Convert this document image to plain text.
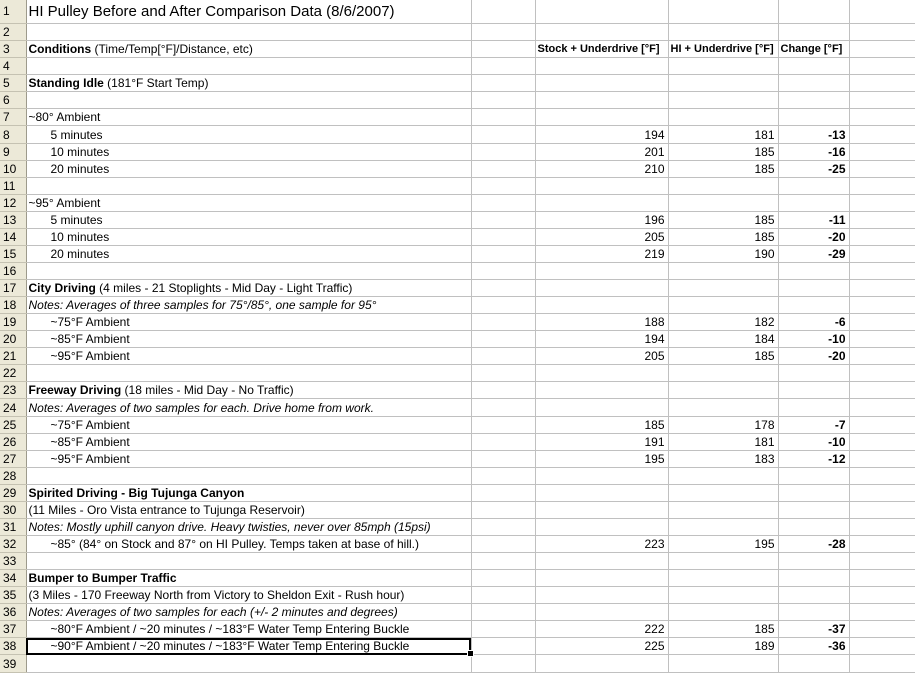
1	HI Pulley Before and After Comparison Data (8/6/2007)					

2	

3	Conditions (Time/Temp[°F]/Distance, etc)		Stock + Underdrive [°F]	HI + Underdrive [°F]	Change [°F]	
4	

5	Standing Idle (181°F Start Temp)					

6	

7	~80° Ambient					

8	5 minutes		194	181	-13	
9	10 minutes		201	185	-16	
10	20 minutes		210	185	-25	
11	

12	~95° Ambient					

13	5 minutes		196	185	-11	
14	10 minutes		205	185	-20	
15	20 minutes		219	190	-29	
16	

17	City Driving (4 miles - 21 Stoplights - Mid Day - Light Traffic)					

18	Notes: Averages of three samples for 75°/85°, one sample for 95°					

19	~75°F Ambient		188	182	-6	
20	~85°F Ambient		194	184	-10	
21	~95°F Ambient		205	185	-20	
22	

23	Freeway Driving (18 miles - Mid Day - No Traffic)					

24	Notes: Averages of two samples for each. Drive home from work.					

25	~75°F Ambient		185	178	-7	
26	~85°F Ambient		191	181	-10	
27	~95°F Ambient		195	183	-12	
28	

29	Spirited Driving - Big Tujunga Canyon					

30	(11 Miles - Oro Vista entrance to Tujunga Reservoir)					

31	Notes: Mostly uphill canyon drive. Heavy twisties, never over 85mph (15psi)					

32	~85° (84° on Stock and 87° on HI Pulley. Temps taken at base of hill.)		223	195	-28	
33	

34	Bumper to Bumper Traffic					

35	(3 Miles - 170 Freeway North from Victory to Sheldon Exit - Rush hour)					

36	Notes: Averages of two samples for each (+/- 2 minutes and degrees)					

37	~80°F Ambient / ~20 minutes / ~183°F Water Temp Entering Buckle		222	185	-37	
38	~90°F Ambient / ~20 minutes / ~183°F Water Temp Entering Buckle		225	189	-36	
39	
